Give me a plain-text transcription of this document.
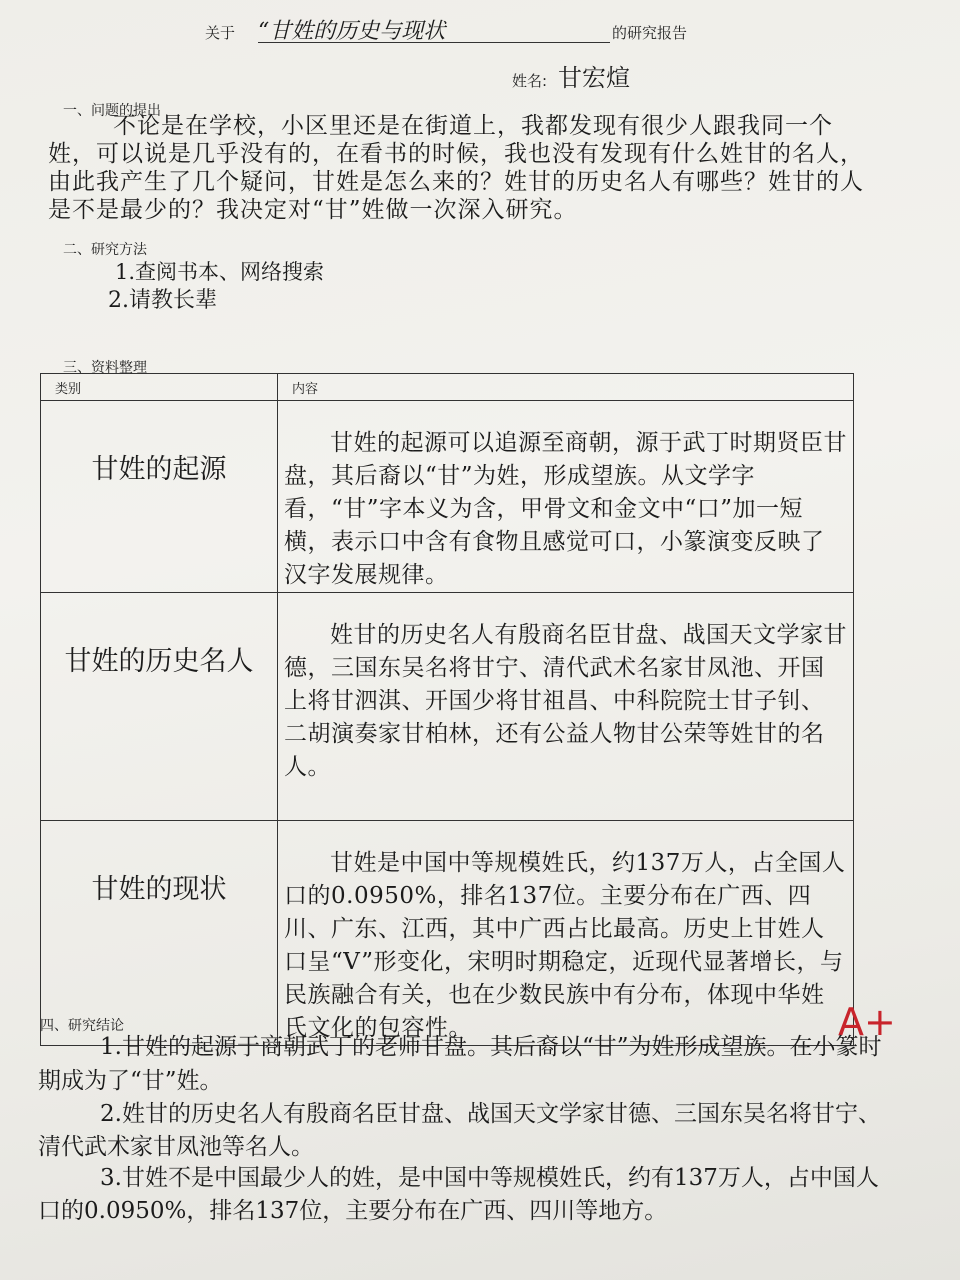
关于 “甘姓的历史与现状	的研究报告
姓名: 甘宏煊
一、问题的提出
不论是在学校，小区里还是在街道上，我都发现有很少人跟我同一个姓，可以说是几乎没有的，在看书的时候，我也没有发现有什么姓甘的名人，由此我产生了几个疑问，甘姓是怎么来的？姓甘的历史名人有哪些？姓甘的人是不是最少的？我决定对“甘”姓做一次深入研究。
二、研究方法
1.查阅书本、网络搜索
2.请教长辈
三、资料整理
类别	内容
甘姓的起源	甘姓的起源可以追源至商朝，源于武丁时期贤臣甘盘，其后裔以“甘”为姓，形成望族。从文学字看，“甘”字本义为含，甲骨文和金文中“口”加一短横，表示口中含有食物且感觉可口，小篆演变反映了汉字发展规律。
甘姓的历史名人	姓甘的历史名人有殷商名臣甘盘、战国天文学家甘德，三国东吴名将甘宁、清代武术名家甘凤池、开国上将甘泗淇、开国少将甘祖昌、中科院院士甘子钊、二胡演奏家甘柏林，还有公益人物甘公荣等姓甘的名人。
甘姓的现状	甘姓是中国中等规模姓氏，约137万人，占全国人口的0.0950%，排名137位。主要分布在广西、四川、广东、江西，其中广西占比最高。历史上甘姓人口呈“V”形变化，宋明时期稳定，近现代显著增长，与民族融合有关，也在少数民族中有分布，体现中华姓氏文化的包容性。
四、研究结论	A+
1.甘姓的起源于商朝武丁的老师甘盘。其后裔以“甘”为姓形成望族。在小篆时期成为了“甘”姓。
2.姓甘的历史名人有殷商名臣甘盘、战国天文学家甘德、三国东吴名将甘宁、清代武术家甘凤池等名人。
3.甘姓不是中国最少人的姓，是中国中等规模姓氏，约有137万人，占中国人口的0.0950%，排名137位，主要分布在广西、四川等地方。
